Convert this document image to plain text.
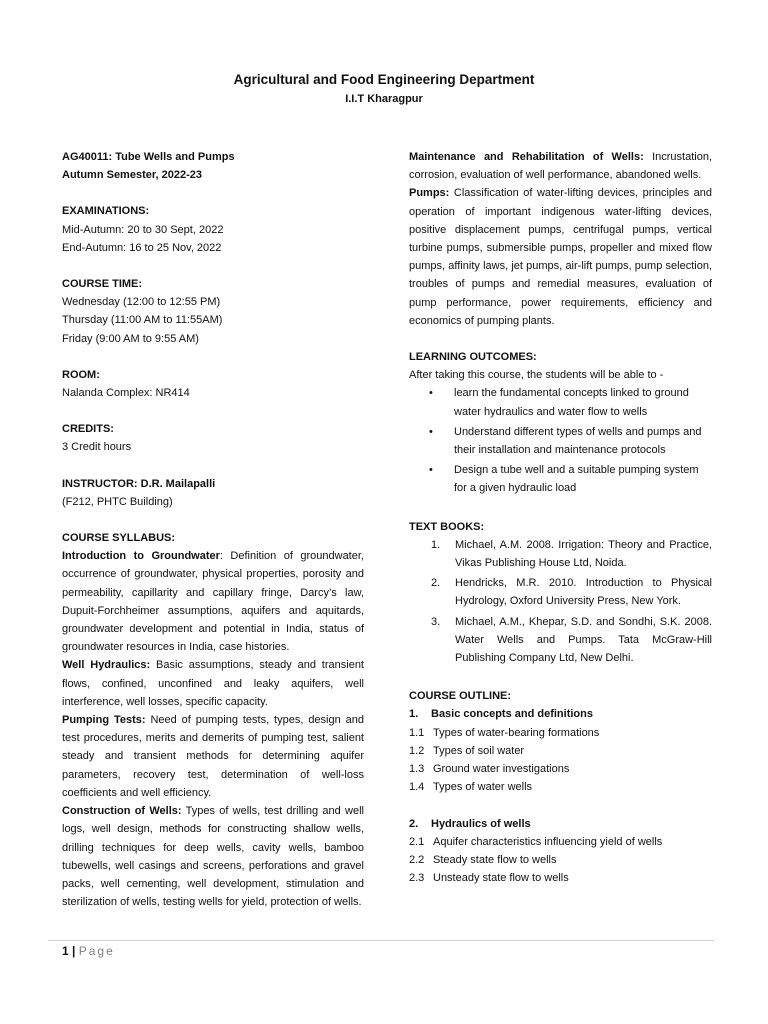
Agricultural and Food Engineering Department
I.I.T Kharagpur
AG40011: Tube Wells and Pumps
Autumn Semester, 2022-23
EXAMINATIONS:
Mid-Autumn: 20 to 30 Sept, 2022
End-Autumn: 16 to 25 Nov, 2022
COURSE TIME:
Wednesday (12:00 to 12:55 PM)
Thursday (11:00 AM to 11:55AM)
Friday (9:00 AM to 9:55 AM)
ROOM:
Nalanda Complex: NR414
CREDITS:
3 Credit hours
INSTRUCTOR: D.R. Mailapalli
(F212, PHTC Building)
COURSE SYLLABUS:

Introduction to Groundwater: Definition of groundwater, occurrence of groundwater, physical properties, porosity and permeability, capillarity and capillary fringe, Darcy’s law, Dupuit-Forchheimer assumptions, aquifers and aquitards, groundwater development and potential in India, status of groundwater resources in India, case histories.

Well Hydraulics: Basic assumptions, steady and transient flows, confined, unconfined and leaky aquifers, well interference, well losses, specific capacity.

Pumping Tests: Need of pumping tests, types, design and test procedures, merits and demerits of pumping test, salient steady and transient methods for determining aquifer parameters, recovery test, determination of well-loss coefficients and well efficiency.

Construction of Wells: Types of wells, test drilling and well logs, well design, methods for constructing shallow wells, drilling techniques for deep wells, cavity wells, bamboo tubewells, well casings and screens, perforations and gravel packs, well cementing, well development, stimulation and sterilization of wells, testing wells for yield, protection of wells.

Maintenance and Rehabilitation of Wells: Incrustation, corrosion, evaluation of well performance, abandoned wells.

Pumps: Classification of water-lifting devices, principles and operation of important indigenous water-lifting devices, positive displacement pumps, centrifugal pumps, vertical turbine pumps, submersible pumps, propeller and mixed flow pumps, affinity laws, jet pumps, air-lift pumps, pump selection, troubles of pumps and remedial measures, evaluation of pump performance, power requirements, efficiency and economics of pumping plants.

LEARNING OUTCOMES:
After taking this course, the students will be able to -
• learn the fundamental concepts linked to ground water hydraulics and water flow to wells
• Understand different types of wells and pumps and their installation and maintenance protocols
• Design a tube well and a suitable pumping system for a given hydraulic load
TEXT BOOKS:
1. Michael, A.M. 2008. Irrigation: Theory and Practice, Vikas Publishing House Ltd, Noida.
2. Hendricks, M.R. 2010. Introduction to Physical Hydrology, Oxford University Press, New York.
3. Michael, A.M., Khepar, S.D. and Sondhi, S.K. 2008. Water Wells and Pumps. Tata McGraw-Hill Publishing Company Ltd, New Delhi.
COURSE OUTLINE:
1. Basic concepts and definitions
1.1 Types of water-bearing formations
1.2 Types of soil water
1.3 Ground water investigations
1.4 Types of water wells
2. Hydraulics of wells
2.1 Aquifer characteristics influencing yield of wells
2.2 Steady state flow to wells
2.3 Unsteady state flow to wells
1 | Page
